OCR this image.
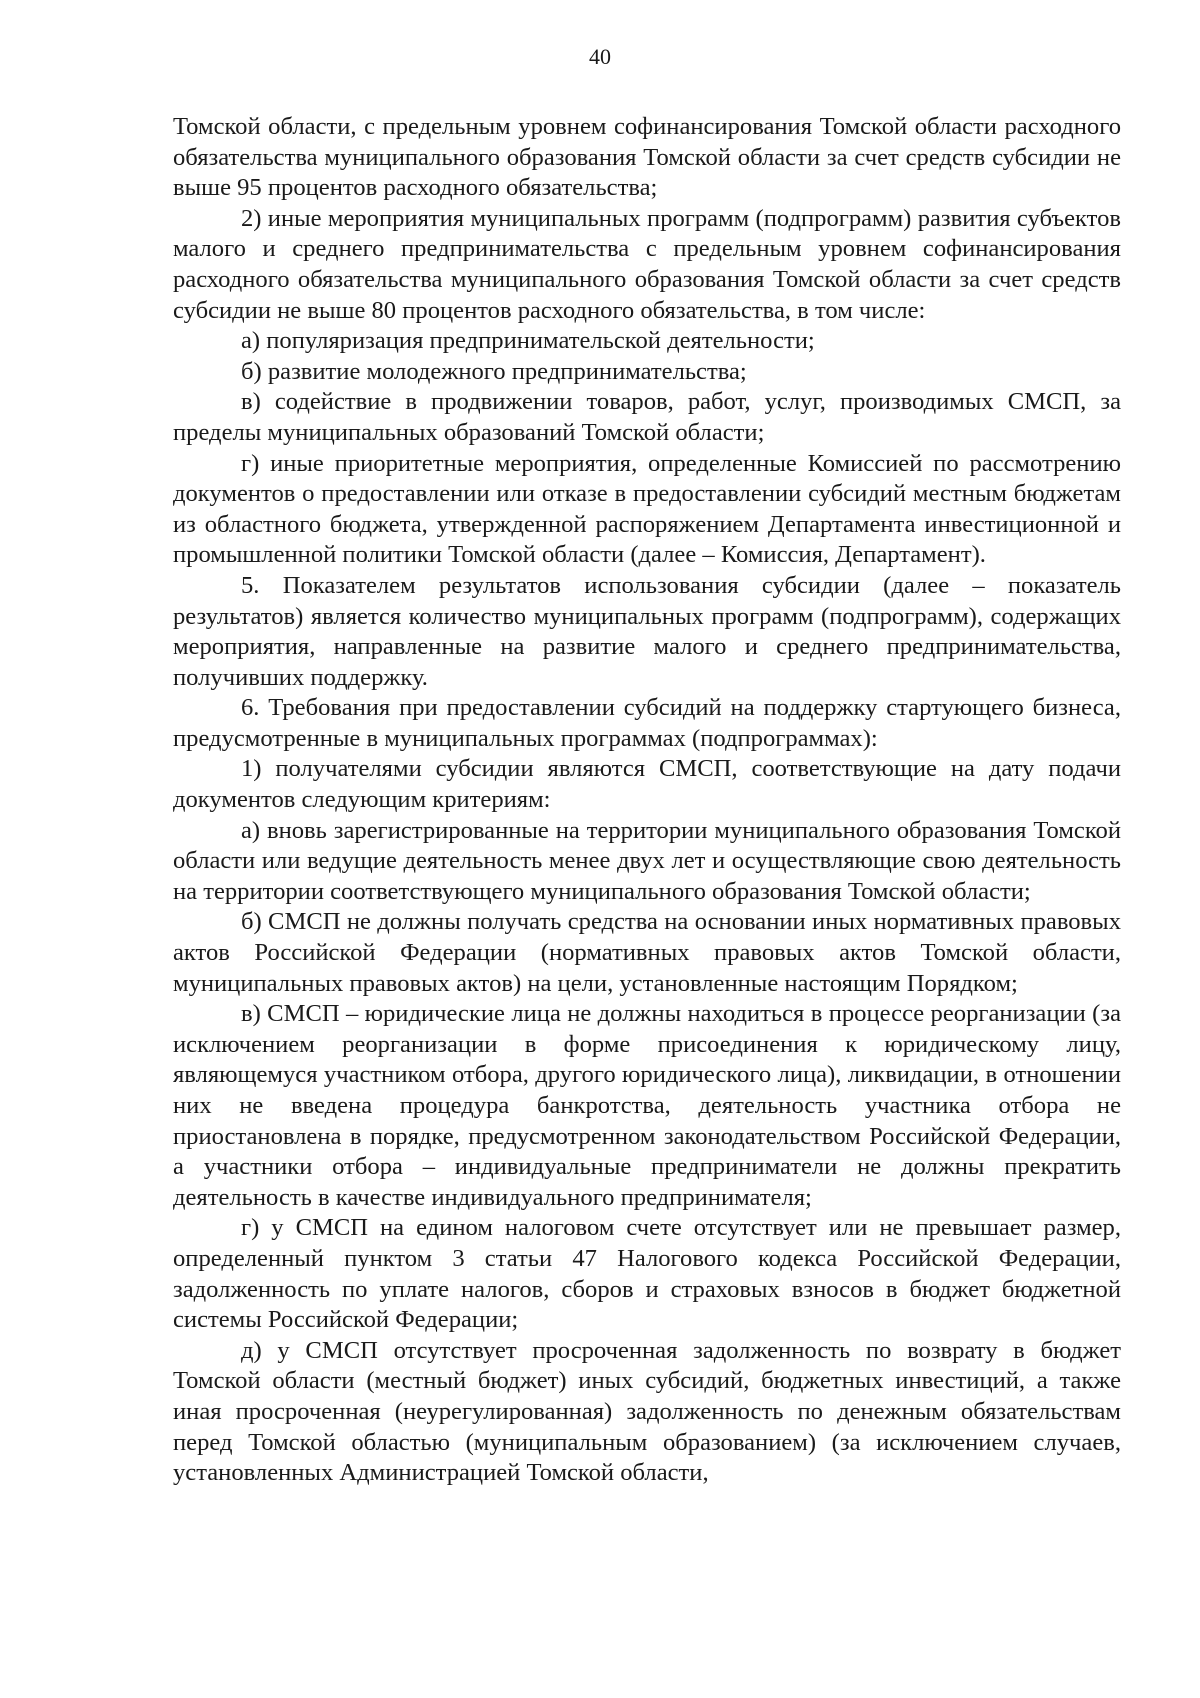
40

Томской области, с предельным уровнем софинансирования Томской области расходного обязательства муниципального образования Томской области за счет средств субсидии не выше 95 процентов расходного обязательства;

2) иные мероприятия муниципальных программ (подпрограмм) развития субъектов малого и среднего предпринимательства с предельным уровнем софинансирования расходного обязательства муниципального образования Томской области за счет средств субсидии не выше 80 процентов расходного обязательства, в том числе:

а) популяризация предпринимательской деятельности;

б) развитие молодежного предпринимательства;

в) содействие в продвижении товаров, работ, услуг, производимых СМСП, за пределы муниципальных образований Томской области;

г) иные приоритетные мероприятия, определенные Комиссией по рассмотрению документов о предоставлении или отказе в предоставлении субсидий местным бюджетам из областного бюджета, утвержденной распоряжением Департамента инвестиционной и промышленной политики Томской области (далее – Комиссия, Департамент).

5. Показателем результатов использования субсидии (далее – показатель результатов) является количество муниципальных программ (подпрограмм), содержащих мероприятия, направленные на развитие малого и среднего предпринимательства, получивших поддержку.

6. Требования при предоставлении субсидий на поддержку стартующего бизнеса, предусмотренные в муниципальных программах (подпрограммах):

1) получателями субсидии являются СМСП, соответствующие на дату подачи документов следующим критериям:

а) вновь зарегистрированные на территории муниципального образования Томской области или ведущие деятельность менее двух лет и осуществляющие свою деятельность на территории соответствующего муниципального образования Томской области;

б) СМСП не должны получать средства на основании иных нормативных правовых актов Российской Федерации (нормативных правовых актов Томской области, муниципальных правовых актов) на цели, установленные настоящим Порядком;

в) СМСП – юридические лица не должны находиться в процессе реорганизации (за исключением реорганизации в форме присоединения к юридическому лицу, являющемуся участником отбора, другого юридического лица), ликвидации, в отношении них не введена процедура банкротства, деятельность участника отбора не приостановлена в порядке, предусмотренном законодательством Российской Федерации, а участники отбора – индивидуальные предприниматели не должны прекратить деятельность в качестве индивидуального предпринимателя;

г) у СМСП на едином налоговом счете отсутствует или не превышает размер, определенный пунктом 3 статьи 47 Налогового кодекса Российской Федерации, задолженность по уплате налогов, сборов и страховых взносов в бюджет бюджетной системы Российской Федерации;

д) у СМСП отсутствует просроченная задолженность по возврату в бюджет Томской области (местный бюджет) иных субсидий, бюджетных инвестиций, а также иная просроченная (неурегулированная) задолженность по денежным обязательствам перед Томской областью (муниципальным образованием) (за исключением случаев, установленных Администрацией Томской области,
